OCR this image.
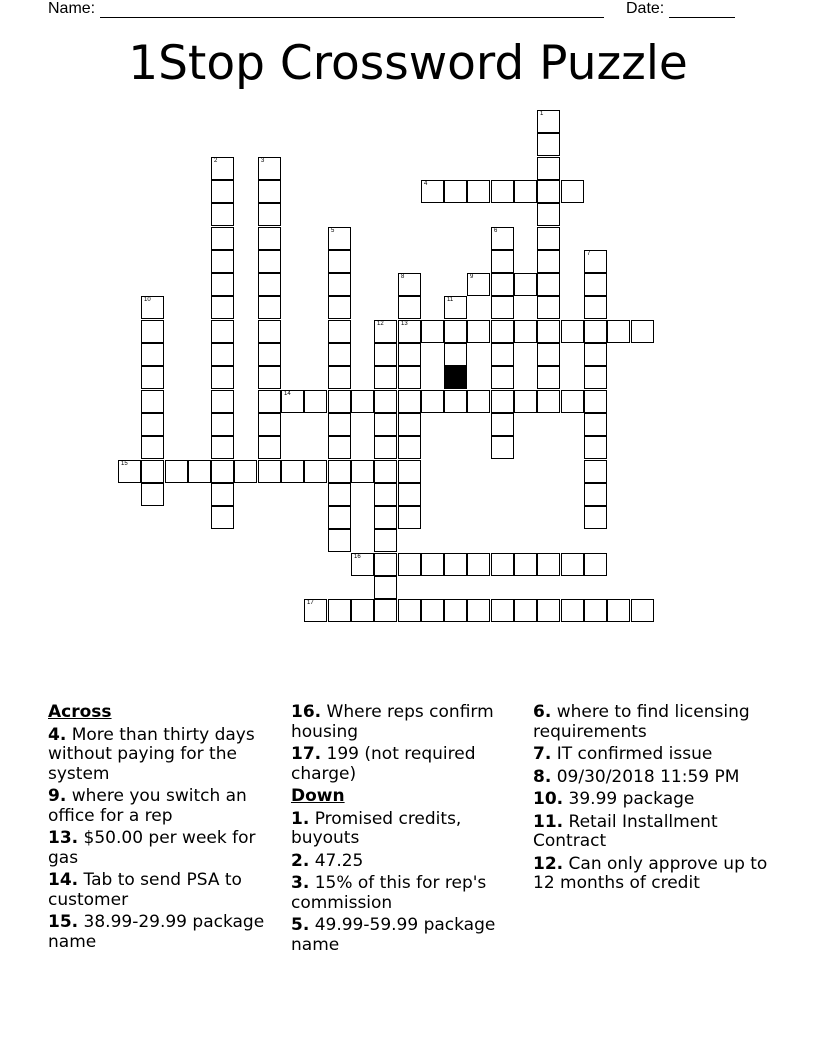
Name:	Date:
1Stop Crossword Puzzle
1
2	3
4
5	6
7
8
13
9
10	11
12
14
15
16
17

Across

4. More than thirty days without paying for the system

9. where you switch an office for a rep

13. $50.00 per week for gas

14. Tab to send PSA to customer

15. 38.99-29.99 package name

16. Where reps confirm housing

17. 199 (not required charge)

Down

1. Promised credits, buyouts

2. 47.25

3. 15% of this for rep's commission

5. 49.99-59.99 package name

6. where to find licensing requirements

7. IT confirmed issue

8. 09/30/2018 11:59 PM

10. 39.99 package

11. Retail Installment Contract

12. Can only approve up to 12 months of credit
